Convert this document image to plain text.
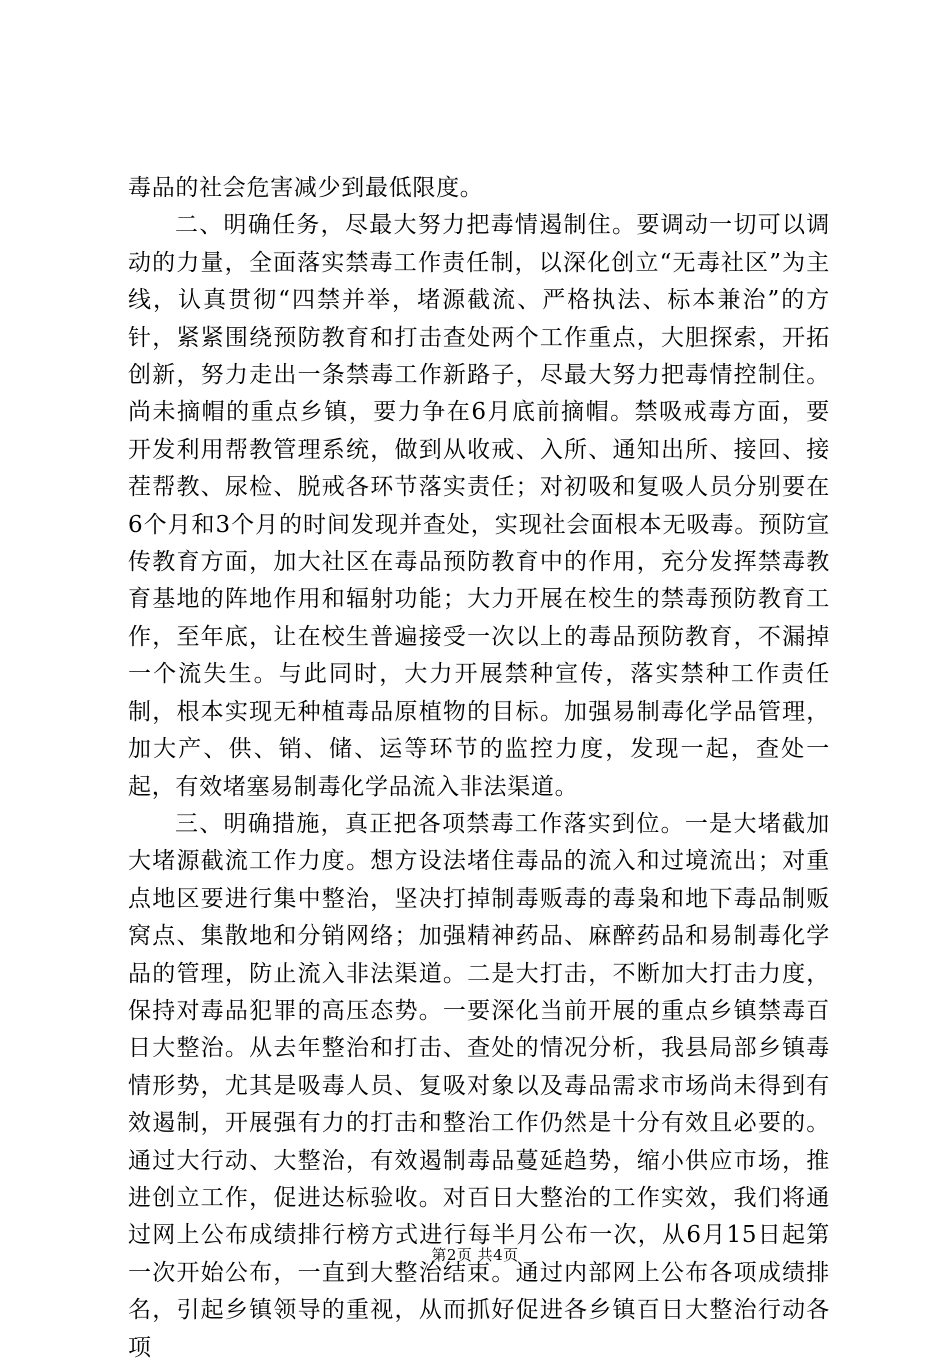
毒品的社会危害减少到最低限度。

二、明确任务，尽最大努力把毒情遏制住。要调动一切可以调动的力量，全面落实禁毒工作责任制，以深化创立“无毒社区”为主线，认真贯彻“四禁并举，堵源截流、严格执法、标本兼治”的方针，紧紧围绕预防教育和打击查处两个工作重点，大胆探索，开拓创新，努力走出一条禁毒工作新路子，尽最大努力把毒情控制住。尚未摘帽的重点乡镇，要力争在6月底前摘帽。禁吸戒毒方面，要开发利用帮教管理系统，做到从收戒、入所、通知出所、接回、接茬帮教、尿检、脱戒各环节落实责任；对初吸和复吸人员分别要在6个月和3个月的时间发现并查处，实现社会面根本无吸毒。预防宣传教育方面，加大社区在毒品预防教育中的作用，充分发挥禁毒教育基地的阵地作用和辐射功能；大力开展在校生的禁毒预防教育工作，至年底，让在校生普遍接受一次以上的毒品预防教育，不漏掉一个流失生。与此同时，大力开展禁种宣传，落实禁种工作责任制，根本实现无种植毒品原植物的目标。加强易制毒化学品管理，加大产、供、销、储、运等环节的监控力度，发现一起，查处一起，有效堵塞易制毒化学品流入非法渠道。

三、明确措施，真正把各项禁毒工作落实到位。一是大堵截加大堵源截流工作力度。想方设法堵住毒品的流入和过境流出；对重点地区要进行集中整治，坚决打掉制毒贩毒的毒枭和地下毒品制贩窝点、集散地和分销网络；加强精神药品、麻醉药品和易制毒化学品的管理，防止流入非法渠道。二是大打击，不断加大打击力度，保持对毒品犯罪的高压态势。一要深化当前开展的重点乡镇禁毒百日大整治。从去年整治和打击、查处的情况分析，我县局部乡镇毒情形势，尤其是吸毒人员、复吸对象以及毒品需求市场尚未得到有效遏制，开展强有力的打击和整治工作仍然是十分有效且必要的。通过大行动、大整治，有效遏制毒品蔓延趋势，缩小供应市场，推进创立工作，促进达标验收。对百日大整治的工作实效，我们将通过网上公布成绩排行榜方式进行每半月公布一次，从6月15日起第一次开始公布，一直到大整治结束。通过内部网上公布各项成绩排名，引起乡镇领导的重视，从而抓好促进各乡镇百日大整治行动各项

第2页 共4页
